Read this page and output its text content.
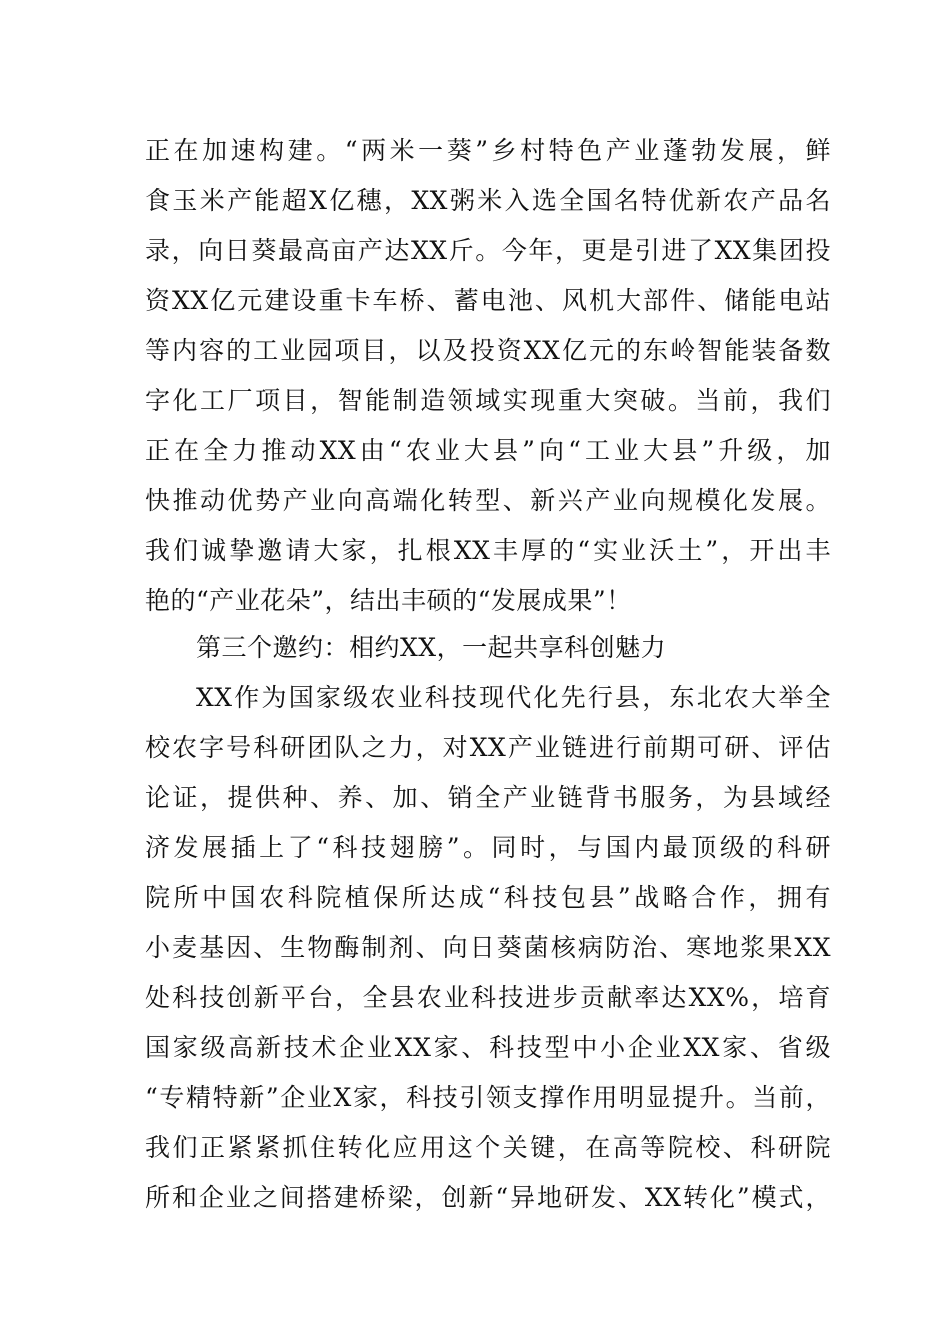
正在加速构建。“两米一葵”乡村特色产业蓬勃发展，鲜
食玉米产能超X亿穗，XX粥米入选全国名特优新农产品名
录，向日葵最高亩产达XX斤。今年，更是引进了XX集团投
资XX亿元建设重卡车桥、蓄电池、风机大部件、储能电站
等内容的工业园项目，以及投资XX亿元的东岭智能装备数
字化工厂项目，智能制造领域实现重大突破。当前，我们
正在全力推动XX由“农业大县”向“工业大县”升级，加
快推动优势产业向高端化转型、新兴产业向规模化发展。
我们诚挚邀请大家，扎根XX丰厚的“实业沃土”，开出丰
艳的“产业花朵”，结出丰硕的“发展成果”！
第三个邀约：相约XX，一起共享科创魅力
XX作为国家级农业科技现代化先行县，东北农大举全
校农字号科研团队之力，对XX产业链进行前期可研、评估
论证，提供种、养、加、销全产业链背书服务，为县域经
济发展插上了“科技翅膀”。同时，与国内最顶级的科研
院所中国农科院植保所达成“科技包县”战略合作，拥有
小麦基因、生物酶制剂、向日葵菌核病防治、寒地浆果XX
处科技创新平台，全县农业科技进步贡献率达XX%，培育
国家级高新技术企业XX家、科技型中小企业XX家、省级
“专精特新”企业X家，科技引领支撑作用明显提升。当前，
我们正紧紧抓住转化应用这个关键，在高等院校、科研院
所和企业之间搭建桥梁，创新“异地研发、XX转化”模式，
